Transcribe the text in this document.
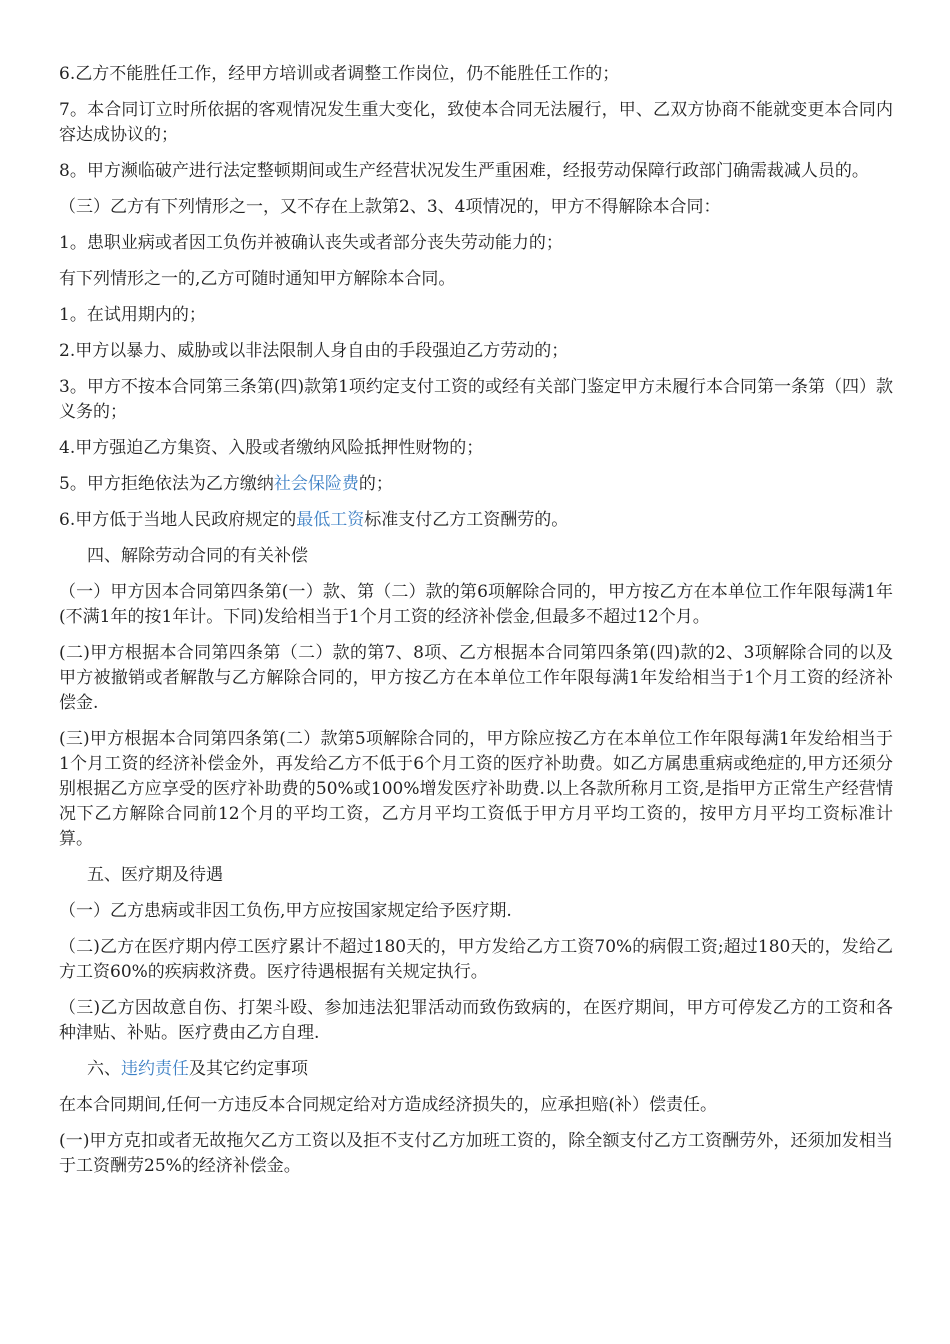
6.乙方不能胜任工作，经甲方培训或者调整工作岗位，仍不能胜任工作的；

7。本合同订立时所依据的客观情况发生重大变化，致使本合同无法履行，甲、乙双方协商不能就变更本合同内容达成协议的；

8。甲方濒临破产进行法定整顿期间或生产经营状况发生严重困难，经报劳动保障行政部门确需裁减人员的。

（三）乙方有下列情形之一，又不存在上款第2、3、4项情况的，甲方不得解除本合同：

1。患职业病或者因工负伤并被确认丧失或者部分丧失劳动能力的；

有下列情形之一的,乙方可随时通知甲方解除本合同。

1。在试用期内的；

2.甲方以暴力、威胁或以非法限制人身自由的手段强迫乙方劳动的；

3。甲方不按本合同第三条第(四)款第1项约定支付工资的或经有关部门鉴定甲方未履行本合同第一条第（四）款义务的；

4.甲方强迫乙方集资、入股或者缴纳风险抵押性财物的；

5。甲方拒绝依法为乙方缴纳社会保险费的；

6.甲方低于当地人民政府规定的最低工资标准支付乙方工资酬劳的。

四、解除劳动合同的有关补偿

（一）甲方因本合同第四条第(一）款、第（二）款的第6项解除合同的，甲方按乙方在本单位工作年限每满1年(不满1年的按1年计。下同)发给相当于1个月工资的经济补偿金,但最多不超过12个月。

(二)甲方根据本合同第四条第（二）款的第7、8项、乙方根据本合同第四条第(四)款的2、3项解除合同的以及甲方被撤销或者解散与乙方解除合同的，甲方按乙方在本单位工作年限每满1年发给相当于1个月工资的经济补偿金.

(三)甲方根据本合同第四条第(二）款第5项解除合同的，甲方除应按乙方在本单位工作年限每满1年发给相当于1个月工资的经济补偿金外，再发给乙方不低于6个月工资的医疗补助费。如乙方属患重病或绝症的,甲方还须分别根据乙方应享受的医疗补助费的50%或100%增发医疗补助费.以上各款所称月工资,是指甲方正常生产经营情况下乙方解除合同前12个月的平均工资，乙方月平均工资低于甲方月平均工资的，按甲方月平均工资标准计算。

五、医疗期及待遇

（一）乙方患病或非因工负伤,甲方应按国家规定给予医疗期.

（二)乙方在医疗期内停工医疗累计不超过180天的，甲方发给乙方工资70%的病假工资;超过180天的，发给乙方工资60%的疾病救济费。医疗待遇根据有关规定执行。

（三)乙方因故意自伤、打架斗殴、参加违法犯罪活动而致伤致病的，在医疗期间，甲方可停发乙方的工资和各种津贴、补贴。医疗费由乙方自理.

六、违约责任及其它约定事项

在本合同期间,任何一方违反本合同规定给对方造成经济损失的，应承担赔(补）偿责任。

(一)甲方克扣或者无故拖欠乙方工资以及拒不支付乙方加班工资的，除全额支付乙方工资酬劳外，还须加发相当于工资酬劳25%的经济补偿金。
